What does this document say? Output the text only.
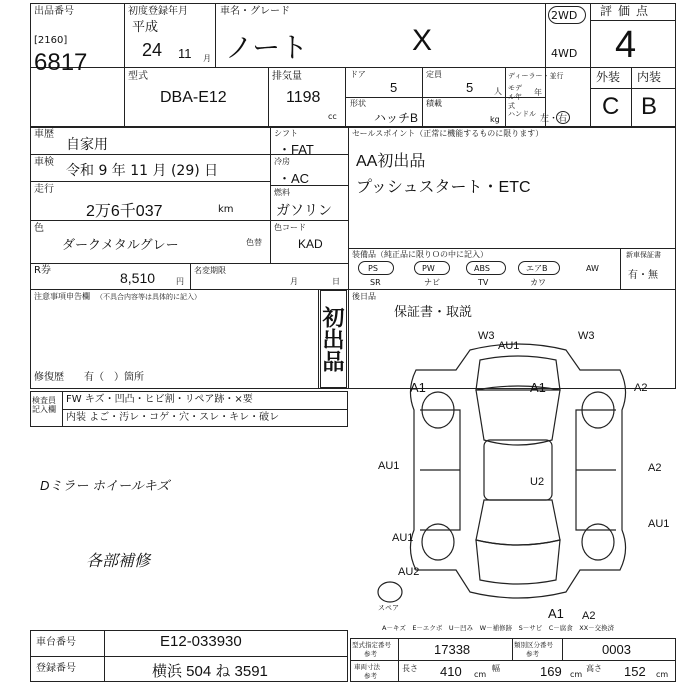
出品番号
[2160]
6817
初度登録年月
平成
24 11 月
車名・グレード
ノート	X
2WD
4WD
評価点
4
外装 内装
C B
型式
DBA-E12
排気量
1198
cc
ドア
5
定員
5	人
ディーラー・並行
モデル年式
年
形状
ハッチB
積載
kg
ハンドル 左・右
車歴
自家用
シフト
・FAT
車検
令和 9 年 11 月 (29) 日
冷房
・AC
走行
2万6千037	km
燃料
ガソリン
色
ダークメタルグレー	色替
色コード
KAD
R券	8,510	円
名変期限
月	日
セールスポイント（正常に機能するものに限ります）
AA初出品
プッシュスタート・ETC
装備品（純正品に限りＯの中に記入）
PS	PW	ABS	エアB	AW
SR	ナビ	TV	カワ
新車保証書
有・無
注意事項申告欄 （不具合内容等は具体的に記入）
初出品
修復歴 有（　）箇所
後日品
保証書・取説
検査員記入欄
FW キズ・凹凸・ヒビ割・リペア跡・×要
内装 よご・汚レ・コゲ・穴・スレ・キレ・破レ
Dミラー ホイールキズ
各部補修
W3
AU1
W3
A1	A1	A2
AU1
U2
A2
AU1
AU1
AU2
A1 A2
スペア
A－キズ　E－エクボ　U－凹み　W－補修跡　S－サビ　C－腐食　XX－交換済
車台番号	E12-033930
登録番号	横浜 504 ね 3591
型式指定番号
参考	17338	類別区分番号
参考	0003
車両寸法
参考
長さ 410 cm
幅	169 cm
高さ 152 cm
